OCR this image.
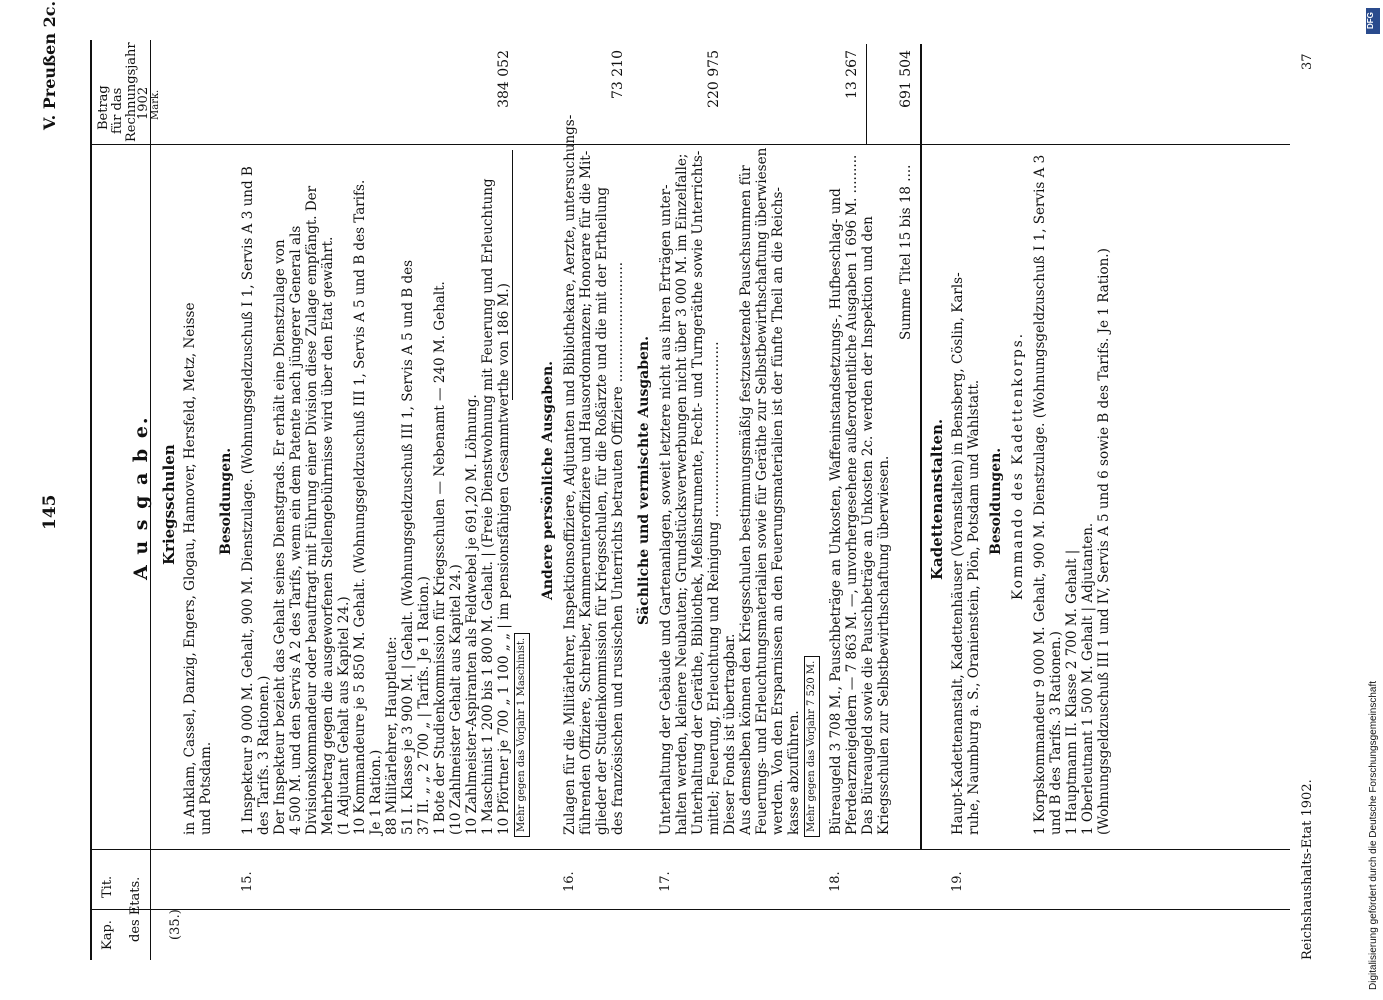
145
V. Preußen 2c.
A u s g a b e.
Kap.
Tit. des Etats.
Betrag für das Rechnungsjahr
1902 Mark.
(35.)
Kriegsschulen in Anklam, Cassel, Danzig, Engers, Glogau, Hannover, Hersfeld, Metz, Neisse und Potsdam.
Besoldungen.
15.
1 Inspekteur 9 000 M. Gehalt, 900 M. Dienstzulage. (Wohnungsgeldzuschuß I 1, Servis A 3 und B des Tarifs. 3 Rationen.) Der Inspekteur bezieht das Gehalt seines Dienstgrads. Er erhält eine Dienstzulage von 4 500 M. und den Servis A 2 des Tarifs, wenn ein dem Patente nach jüngerer General als Divisionskommandeur oder beauftragt mit Führung einer Division diese Zulage empfängt. Der Mehrbetrag gegen die ausgeworfenen Stellengebührnisse wird über den Etat gewährt. (1 Adjutant Gehalt aus Kapitel 24.) 10 Kommandeure je 5 850 M. Gehalt. (Wohnungsgeldzuschuß III 1, Servis A 5 und B des Tarifs. Je 1 Ration.) 88 Militärlehrer, Hauptleute: 51 I. Klasse je 3 900 M. | Gehalt. (Wohnungsgeldzuschuß III 1, Servis A 5 und B des 37 II. „ „ 2 700 „ | Tarifs. Je 1 Ration.) 1 Bote der Studienkommission für Kriegsschulen — Nebenamt — 240 M. Gehalt. (10 Zahlmeister Gehalt aus Kapitel 24.) 10 Zahlmeister-Aspiranten als Feldwebel je 691,20 M. Löhnung. 1 Maschinist 1 200 bis 1 800 M. Gehalt. | (Freie Dienstwohnung mit Feuerung und Erleuchtung 10 Pförtner je 700 „ 1 100 „ „ | im pensionsfähigen Gesammtwerthe von 186 M.) Mehr gegen das Vorjahr 1 Maschinist.
384 052
Andere persönliche Ausgaben.
16.
Zulagen für die Militärlehrer, Inspektionsoffiziere, Adjutanten und Bibliothekare, Aerzte, untersuchungs- führenden Offiziere, Schreiber, Kammerunteroffiziere und Hausordonnanzen; Honorare für die Mit- glieder der Studienkommission für Kriegsschulen, für die Roßärzte und die mit der Ertheilung des französischen und russischen Unterrichts betrauten Offiziere ............................
73 210
Sächliche und vermischte Ausgaben.
17.
Unterhaltung der Gebäude und Gartenanlagen, soweit letztere nicht aus ihren Erträgen unter- halten werden, kleinere Neubauten; Grundstücksverwerbungen nicht über 3 000 M. im Einzelfalle; Unterhaltung der Geräthe, Bibliothek, Meßinstrumente, Fecht- und Turngeräthe sowie Unterrichts- mittel; Feuerung, Erleuchtung und Reinigung ......................................... Dieser Fonds ist übertragbar. Aus demselben können den Kriegsschulen bestimmungsmäßig festzusetzende Pauschsummen für Feuerungs- und Erleuchtungsmaterialien sowie für Geräthe zur Selbstbewirthschaftung überwiesen werden. Von den Ersparnissen an den Feuerungsmaterialien ist der fünfte Theil an die Reichs- kasse abzuführen. Mehr gegen das Vorjahr 7 520 M.
220 975
18.
Büreaugeld 3 708 M., Pauschbeträge an Unkosten, Waffeninstandsetzungs-, Hufbeschlag- und Pferdearzneigeldern — 7 863 M. —, unvorhergesehene außerordentliche Ausgaben 1 696 M. ......... Das Büreaugeld sowie die Pauschbeträge an Unkosten 2c. werden der Inspektion und den Kriegsschulen zur Selbstbewirthschaftung überwiesen.
13 267
Summe Titel 15 bis 18 ....
691 504
Kadettenanstalten.
19.
Haupt-Kadettenanstalt, Kadettenhäuser (Voranstalten) in Bensberg, Cöslin, Karls- ruhe, Naumburg a. S., Oranienstein, Plön, Potsdam und Wahlstatt. Besoldungen. Kommando des Kadettenkorps. 1 Korpskommandeur 9 000 M. Gehalt, 900 M. Dienstzulage. (Wohnungsgeldzuschuß I 1, Servis A 3 und B des Tarifs. 3 Rationen.) 1 Hauptmann II. Klasse 2 700 M. Gehalt | 1 Oberleutnant 1 500 M. Gehalt | Adjutanten. (Wohnungsgeldzuschuß III 1 und IV, Servis A 5 und 6 sowie B des Tarifs. Je 1 Ration.)
Reichshaushalts-Etat 1902.
37
Digitalisierung gefördert durch die Deutsche Forschungsgemeinschaft
DFG
